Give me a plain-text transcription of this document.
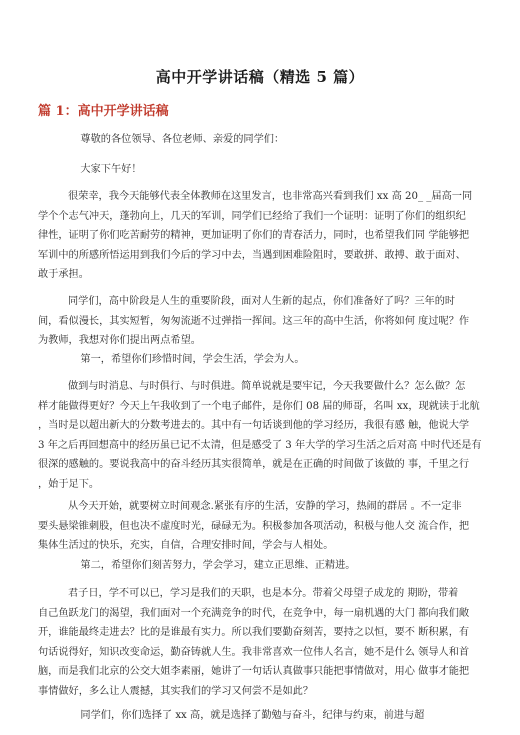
高中开学讲话稿（精选 5 篇）
篇 1：高中开学讲话稿
尊敬的各位领导、各位老师、亲爱的同学们：
大家下午好！
很荣幸，我今天能够代表全体教师在这里发言，也非常高兴看到我们 xx 高 20_ _届高一同
学个个志气冲天，蓬勃向上，几天的军训，同学们已经给了我们一个证明：证明了你们的组织纪
律性，证明了你们吃苦耐劳的精神，更加证明了你们的青春活力，同时，也希望我们同 学能够把
军训中的所感所悟运用到我们今后的学习中去，当遇到困难险阻时，要敢拼、敢搏、敢于面对、
敢于承担。
同学们，高中阶段是人生的重要阶段，面对人生新的起点，你们准备好了吗？三年的时
间，看似漫长，其实短暂，匆匆流逝不过弹指一挥间。这三年的高中生活，你将如何 度过呢？作
为教师，我想对你们提出两点希望。
第一，希望你们珍惜时间，学会生活，学会为人。
做到与时消息、与时俱行、与时俱进。简单说就是要牢记，今天我要做什么？怎么做？怎
样才能做得更好？今天上午我收到了一个电子邮件，是你们 08 届的师哥，名叫 xx，现就读于北航
，当时是以超出新大的分数考进去的。其中有一句话谈到他的学习经历，我很有感 触，他说大学
3 年之后再回想高中的经历虽已记不太清，但是感受了 3 年大学的学习生活之后对高 中时代还是有
很深的感触的。要说我高中的奋斗经历其实很简单，就是在正确的时间做了该做的 事，千里之行
，始于足下。
从今天开始，就要树立时间观念.紧张有序的生活，安静的学习，热闹的群居 。不一定非
要头悬梁锥刺股，但也决不虚度时光，碌碌无为。积极参加各项活动，积极与他人交 流合作，把
集体生活过的快乐，充实，自信，合理安排时间，学会与人相处。
第二，希望你们刻苦努力，学会学习，建立正思维、正精进。
君子日，学不可以已，学习是我们的天职，也是本分。带着父母望子成龙的 期盼，带着
自己鱼跃龙门的渴望，我们面对一个充满竞争的时代，在竞争中，每一扇机遇的大门 都向我们敞
开，谁能最终走进去？比的是谁最有实力。所以我们要勤奋刻苦，要持之以恒，要不 断积累，有
句话说得好，知识改变命运，勤奋铸就人生。我非常喜欢一位伟人名言，她不是什么 领导人和首
脑，而是我们北京的公交大姐李素丽，她讲了一句话认真做事只能把事情做对，用心 做事才能把
事情做好，多么让人震撼，其实我们的学习又何尝不是如此？
同学们，你们选择了 xx 高，就是选择了勤勉与奋斗，纪律与约束，前进与超
